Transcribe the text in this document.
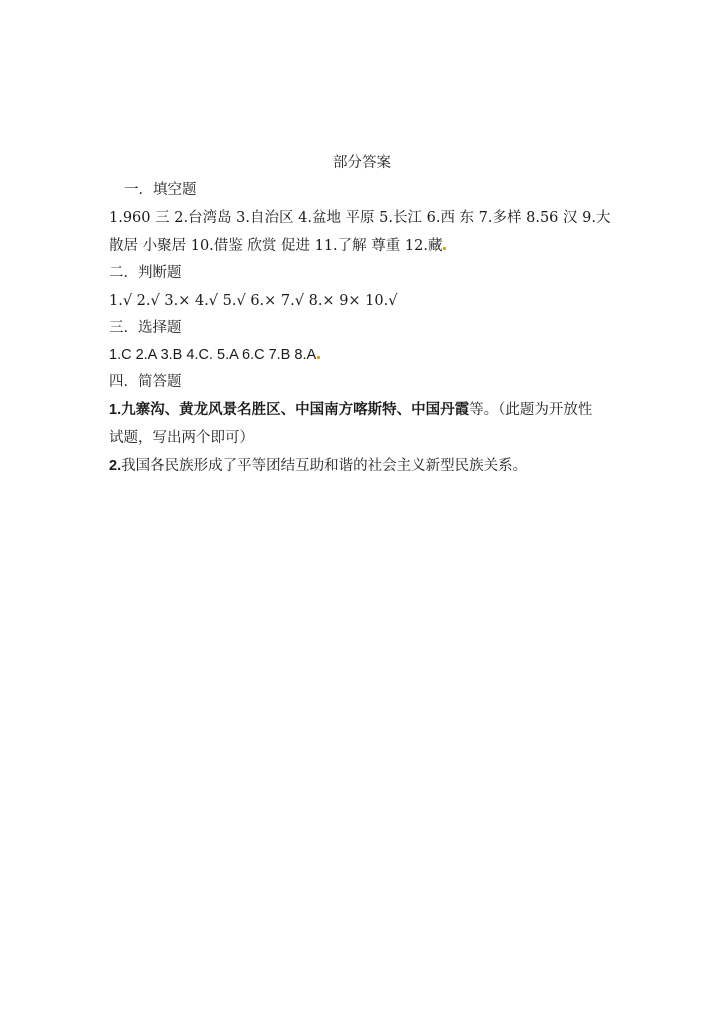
部分答案
一．填空题
1.960 三 2.台湾岛 3.自治区 4.盆地 平原 5.长江 6.西 东 7.多样 8.56 汉 9.大
散居 小聚居 10.借鉴 欣赏 促进 11.了解 尊重 12.藏
二．判断题
1.√ 2.√ 3.× 4.√ 5.√ 6.× 7.√ 8.× 9× 10.√
三．选择题
1.C 2.A 3.B 4.C. 5.A 6.C 7.B 8.A
四．简答题
1.九寨沟、黄龙风景名胜区、中国南方喀斯特、中国丹霞等。（此题为开放性
试题，写出两个即可）
2.我国各民族形成了平等团结互助和谐的社会主义新型民族关系。
